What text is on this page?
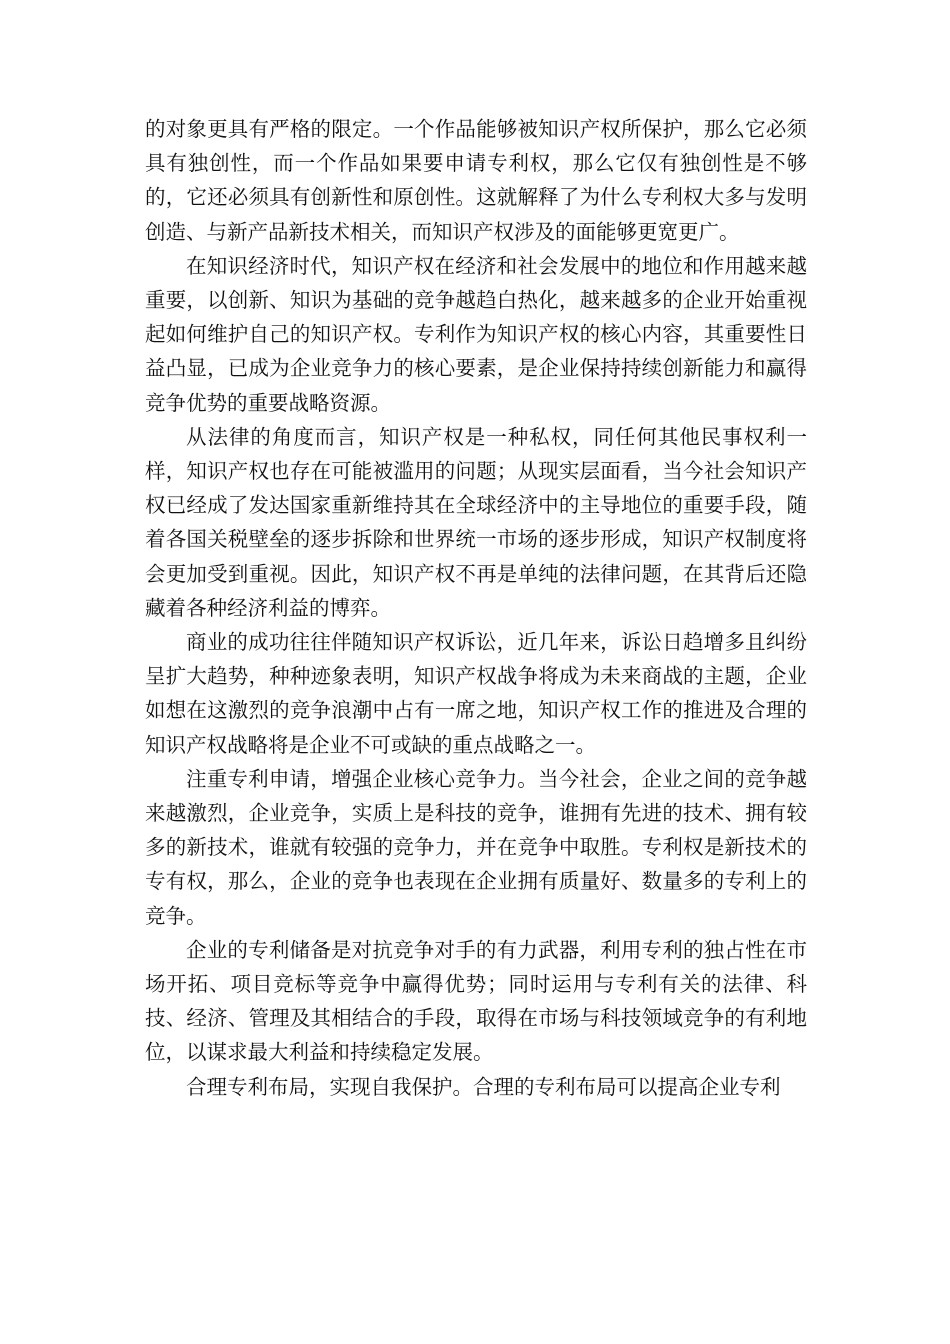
的对象更具有严格的限定。一个作品能够被知识产权所保护，那么它必须具有独创性，而一个作品如果要申请专利权，那么它仅有独创性是不够的，它还必须具有创新性和原创性。这就解释了为什么专利权大多与发明创造、与新产品新技术相关，而知识产权涉及的面能够更宽更广。

在知识经济时代，知识产权在经济和社会发展中的地位和作用越来越重要，以创新、知识为基础的竞争越趋白热化，越来越多的企业开始重视起如何维护自己的知识产权。专利作为知识产权的核心内容，其重要性日益凸显，已成为企业竞争力的核心要素，是企业保持持续创新能力和赢得竞争优势的重要战略资源。

从法律的角度而言，知识产权是一种私权，同任何其他民事权利一样，知识产权也存在可能被滥用的问题；从现实层面看，当今社会知识产权已经成了发达国家重新维持其在全球经济中的主导地位的重要手段，随着各国关税壁垒的逐步拆除和世界统一市场的逐步形成，知识产权制度将会更加受到重视。因此，知识产权不再是单纯的法律问题，在其背后还隐藏着各种经济利益的博弈。

商业的成功往往伴随知识产权诉讼，近几年来，诉讼日趋增多且纠纷呈扩大趋势，种种迹象表明，知识产权战争将成为未来商战的主题，企业如想在这激烈的竞争浪潮中占有一席之地，知识产权工作的推进及合理的知识产权战略将是企业不可或缺的重点战略之一。

注重专利申请，增强企业核心竞争力。当今社会，企业之间的竞争越来越激烈，企业竞争，实质上是科技的竞争，谁拥有先进的技术、拥有较多的新技术，谁就有较强的竞争力，并在竞争中取胜。专利权是新技术的专有权，那么，企业的竞争也表现在企业拥有质量好、数量多的专利上的竞争。

企业的专利储备是对抗竞争对手的有力武器，利用专利的独占性在市场开拓、项目竞标等竞争中赢得优势；同时运用与专利有关的法律、科技、经济、管理及其相结合的手段，取得在市场与科技领域竞争的有利地位，以谋求最大利益和持续稳定发展。

合理专利布局，实现自我保护。合理的专利布局可以提高企业专利
